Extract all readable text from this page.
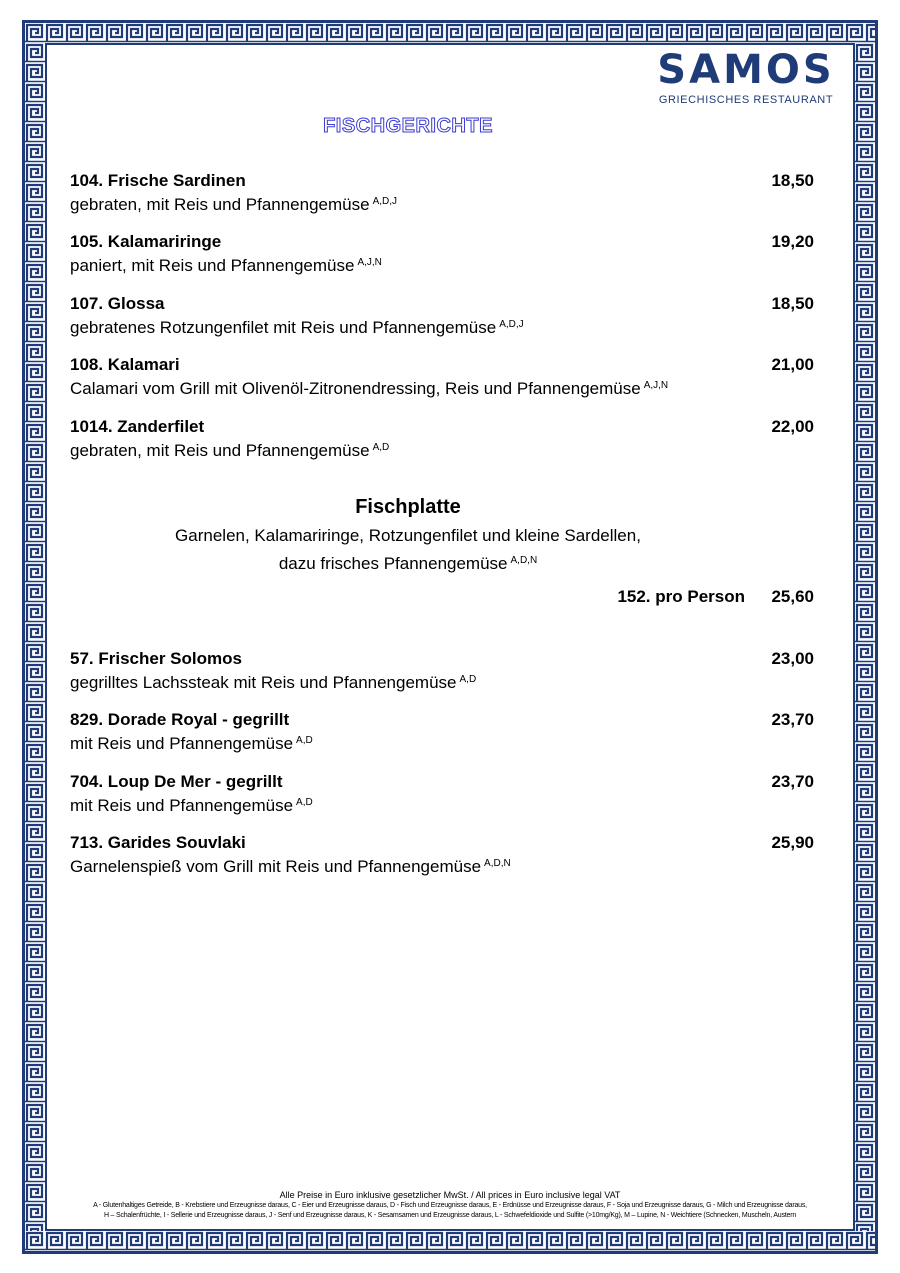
SAMOS
GRIECHISCHES RESTAURANT
FISCHGERICHTE
104. Frische Sardinen	18,50
gebraten, mit Reis und Pfannengemüse $^{A,D,J}$
105. Kalamariringe	19,20
paniert, mit Reis und Pfannengemüse $^{A,J,N}$
107. Glossa	18,50
gebratenes Rotzungenfilet mit Reis und Pfannengemüse $^{A,D,J}$
108. Kalamari	21,00
Calamari vom Grill mit Olivenöl-Zitronendressing, Reis und Pfannengemüse $^{A,J,N}$
1014. Zanderfilet	22,00
gebraten, mit Reis und Pfannengemüse $^{A,D}$
Fischplatte
Garnelen, Kalamariringe, Rotzungenfilet und kleine Sardellen,
dazu frisches Pfannengemüse $^{A,D,N}$
152. pro Person 25,60
57. Frischer Solomos	23,00
gegrilltes Lachssteak mit Reis und Pfannengemüse $^{A,D}$
829. Dorade Royal - gegrillt	23,70
mit Reis und Pfannengemüse $^{A,D}$
704. Loup De Mer - gegrillt	23,70
mit Reis und Pfannengemüse $^{A,D}$
713. Garides Souvlaki	25,90
Garnelenspieß vom Grill mit Reis und Pfannengemüse $^{A,D,N}$
Alle Preise in Euro inklusive gesetzlicher MwSt. / All prices in Euro inclusive legal VAT
A - Glutenhaltiges Getreide, B - Krebstiere und Erzeugnisse daraus, C - Eier und Erzeugnisse daraus, D - Fisch und Erzeugnisse daraus, E - Erdnüsse und Erzeugnisse daraus, F - Soja und Erzeugnisse daraus, G - Milch und Erzeugnisse daraus,
H – Schalenfrüchte, I - Sellerie und Erzeugnisse daraus, J - Senf und Erzeugnisse daraus, K - Sesamsamen und Erzeugnisse daraus, L - Schwefeldioxide und Sulfite (>10mg/Kg), M – Lupine, N - Weichtiere (Schnecken, Muscheln, Austern
